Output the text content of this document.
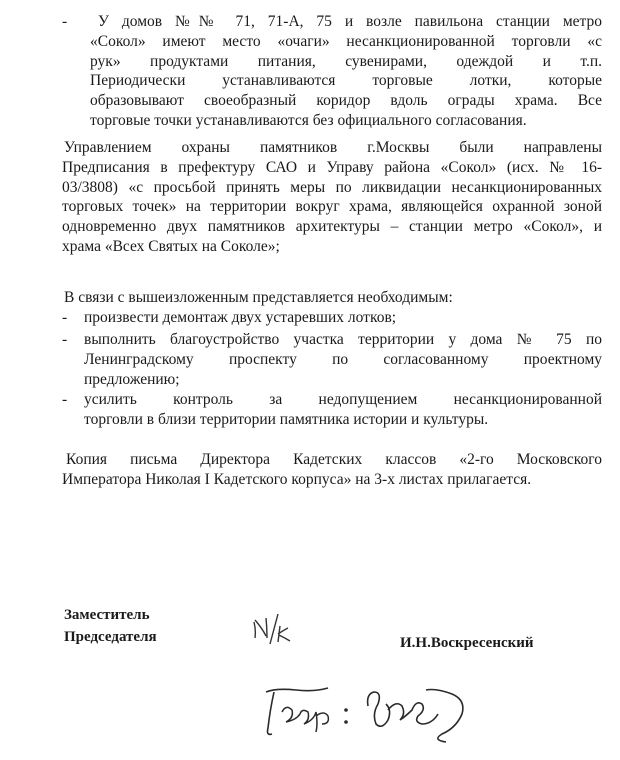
-	У домов №№ 71, 71-А, 75 и возле павильона станции метро
«Сокол» имеют место «очаги» несанкционированной торговли «с
рук» продуктами питания, сувенирами, одеждой и т.п.
Периодически устанавливаются торговые лотки, которые
образовывают своеобразный коридор вдоль ограды храма. Все
торговые точки устанавливаются без официального согласования.
Управлением охраны памятников г.Москвы были направлены
Предписания в префектуру САО и Управу района «Сокол» (исх. № 16-
03/3808) «с просьбой принять меры по ликвидации несанкционированных
торговых точек» на территории вокруг храма, являющейся охранной зоной
одновременно двух памятников архитектуры – станции метро «Сокол», и
храма «Всех Святых на Соколе»;
В связи с вышеизложенным представляется необходимым:
- произвести демонтаж двух устаревших лотков;
- выполнить благоустройство участка территории у дома № 75 по
Ленинградскому проспекту по согласованному проектному
предложению;
- усилить контроль за недопущением несанкционированной
торговли в близи территории памятника истории и культуры.
Копия письма Директора Кадетских классов «2-го Московского
Императора Николая I Кадетского корпуса» на 3-х листах прилагается.
Заместитель
Председателя	И.Н.Воскресенский
